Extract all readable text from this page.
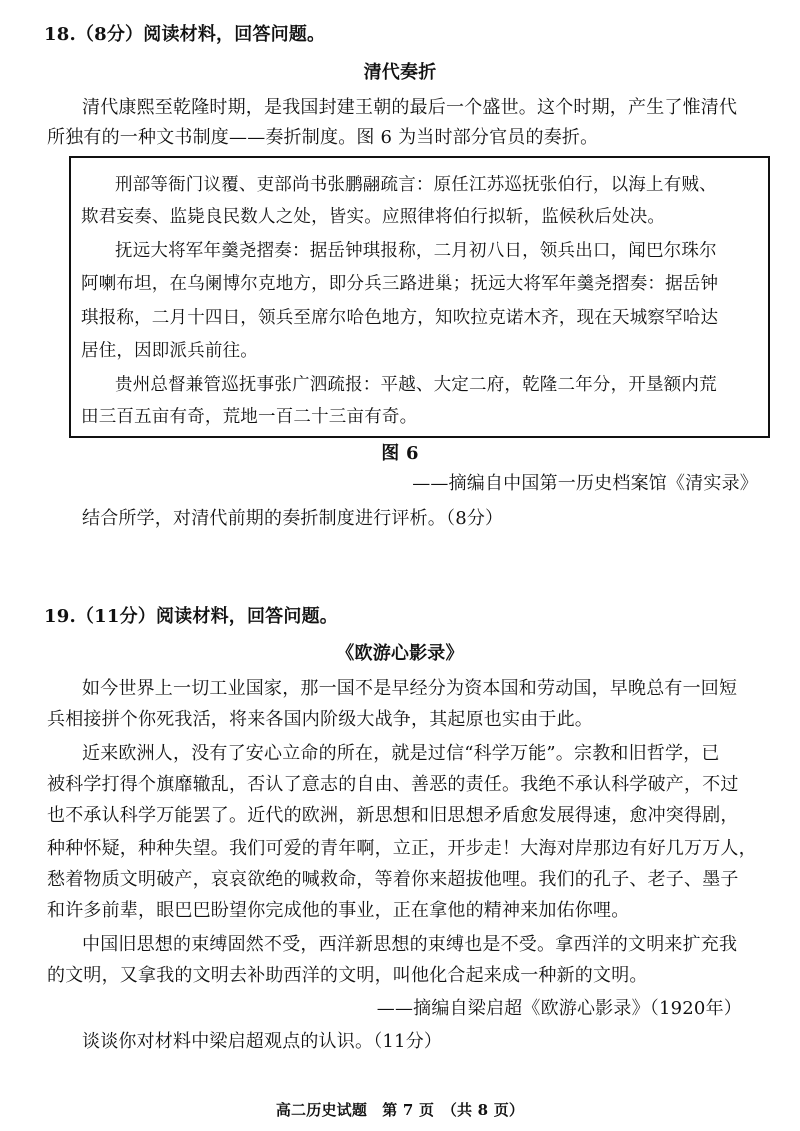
18.（8分）阅读材料，回答问题。
清代奏折
清代康熙至乾隆时期，是我国封建王朝的最后一个盛世。这个时期，产生了惟清代
所独有的一种文书制度——奏折制度。图 6 为当时部分官员的奏折。
刑部等衙门议覆、吏部尚书张鹏翮疏言：原任江苏巡抚张伯行，以海上有贼、
欺君妄奏、监毙良民数人之处，皆实。应照律将伯行拟斩，监候秋后处决。
抚远大将军年羹尧摺奏：据岳钟琪报称，二月初八日，领兵出口，闻巴尔珠尔
阿喇布坦，在乌阑博尔克地方，即分兵三路进巢；抚远大将军年羹尧摺奏：据岳钟
琪报称，二月十四日，领兵至席尔哈色地方，知吹拉克诺木齐，现在天城察罕哈达
居住，因即派兵前往。
贵州总督兼管巡抚事张广泗疏报：平越、大定二府，乾隆二年分，开垦额内荒
田三百五亩有奇，荒地一百二十三亩有奇。
图 6
——摘编自中国第一历史档案馆《清实录》
结合所学，对清代前期的奏折制度进行评析。（8分）
19.（11分）阅读材料，回答问题。
《欧游心影录》
如今世界上一切工业国家，那一国不是早经分为资本国和劳动国，早晚总有一回短
兵相接拼个你死我活，将来各国内阶级大战争，其起原也实由于此。
近来欧洲人，没有了安心立命的所在，就是过信“科学万能”。宗教和旧哲学，已
被科学打得个旗靡辙乱，否认了意志的自由、善恶的责任。我绝不承认科学破产，不过
也不承认科学万能罢了。近代的欧洲，新思想和旧思想矛盾愈发展得速，愈冲突得剧，
种种怀疑，种种失望。我们可爱的青年啊，立正，开步走！大海对岸那边有好几万万人，
愁着物质文明破产，哀哀欲绝的喊救命，等着你来超拔他哩。我们的孔子、老子、墨子
和许多前辈，眼巴巴盼望你完成他的事业，正在拿他的精神来加佑你哩。
中国旧思想的束缚固然不受，西洋新思想的束缚也是不受。拿西洋的文明来扩充我
的文明，又拿我的文明去补助西洋的文明，叫他化合起来成一种新的文明。
——摘编自梁启超《欧游心影录》（1920年）
谈谈你对材料中梁启超观点的认识。（11分）
高二历史试题　第 7 页　（共 8 页）
